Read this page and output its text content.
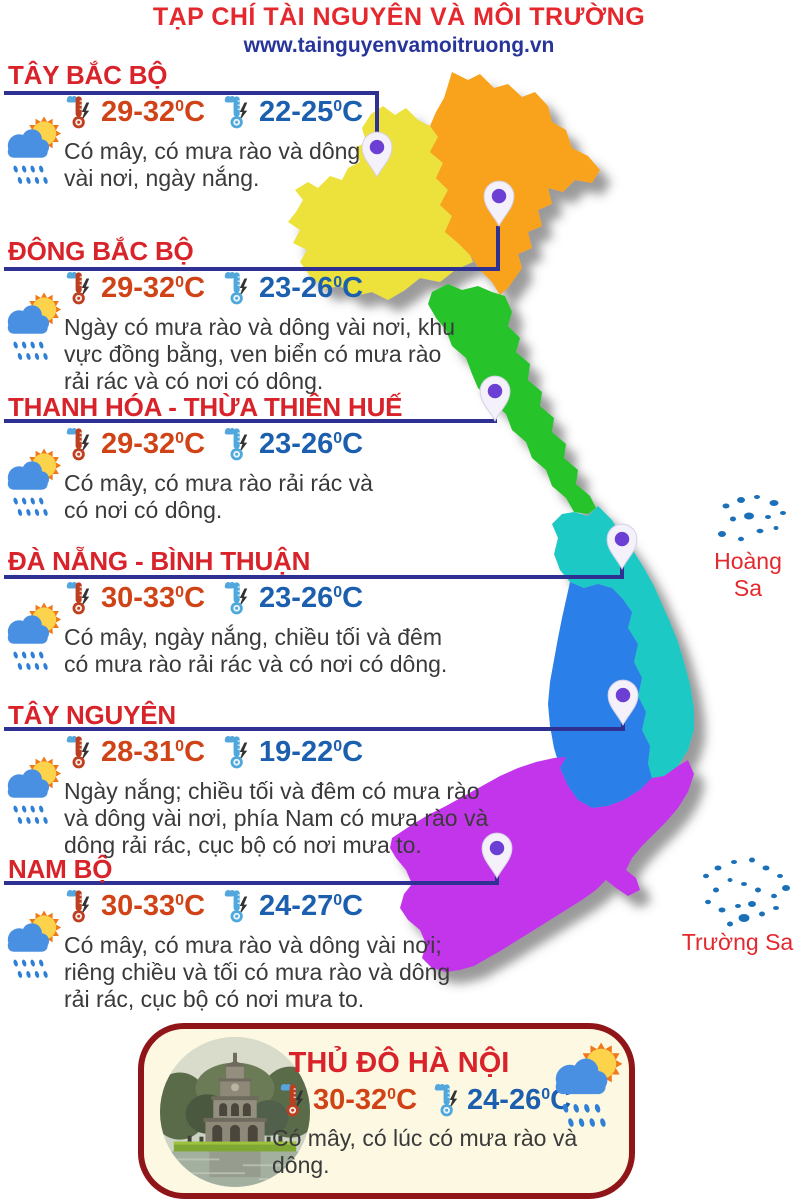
TẠP CHÍ TÀI NGUYÊN VÀ MÔI TRƯỜNG
www.tainguyenvamoitruong.vn
TÂY BẮC BỘ
$29-32^0C$ $22-25^0C$
Có mây, có mưa rào và dông vài nơi, ngày nắng.
ĐÔNG BẮC BỘ
$29-32^0C$ $23-26^0C$
Ngày có mưa rào và dông vài nơi, khu vực đồng bằng, ven biển có mưa rào rải rác và có nơi có dông.
THANH HÓA - THỪA THIÊN HUẾ
$29-32^0C$ $23-26^0C$
Có mây, có mưa rào rải rác và có nơi có dông.
ĐÀ NẴNG - BÌNH THUẬN
$30-33^0C$ $23-26^0C$
Có mây, ngày nắng, chiều tối và đêm có mưa rào rải rác và có nơi có dông.
TÂY NGUYÊN
$28-31^0C$ $19-22^0C$
Ngày nắng; chiều tối và đêm có mưa rào và dông vài nơi, phía Nam có mưa rào và dông rải rác, cục bộ có nơi mưa to.
NAM BỘ
$30-33^0C$ $24-27^0C$
Có mây, có mưa rào và dông vài nơi; riêng chiều và tối có mưa rào và dông rải rác, cục bộ có nơi mưa to.
Hoàng Sa
Trường Sa
THỦ ĐÔ HÀ NỘI
$30-32^0C$ $24-26^0C$
Có mây, có lúc có mưa rào và dông.
